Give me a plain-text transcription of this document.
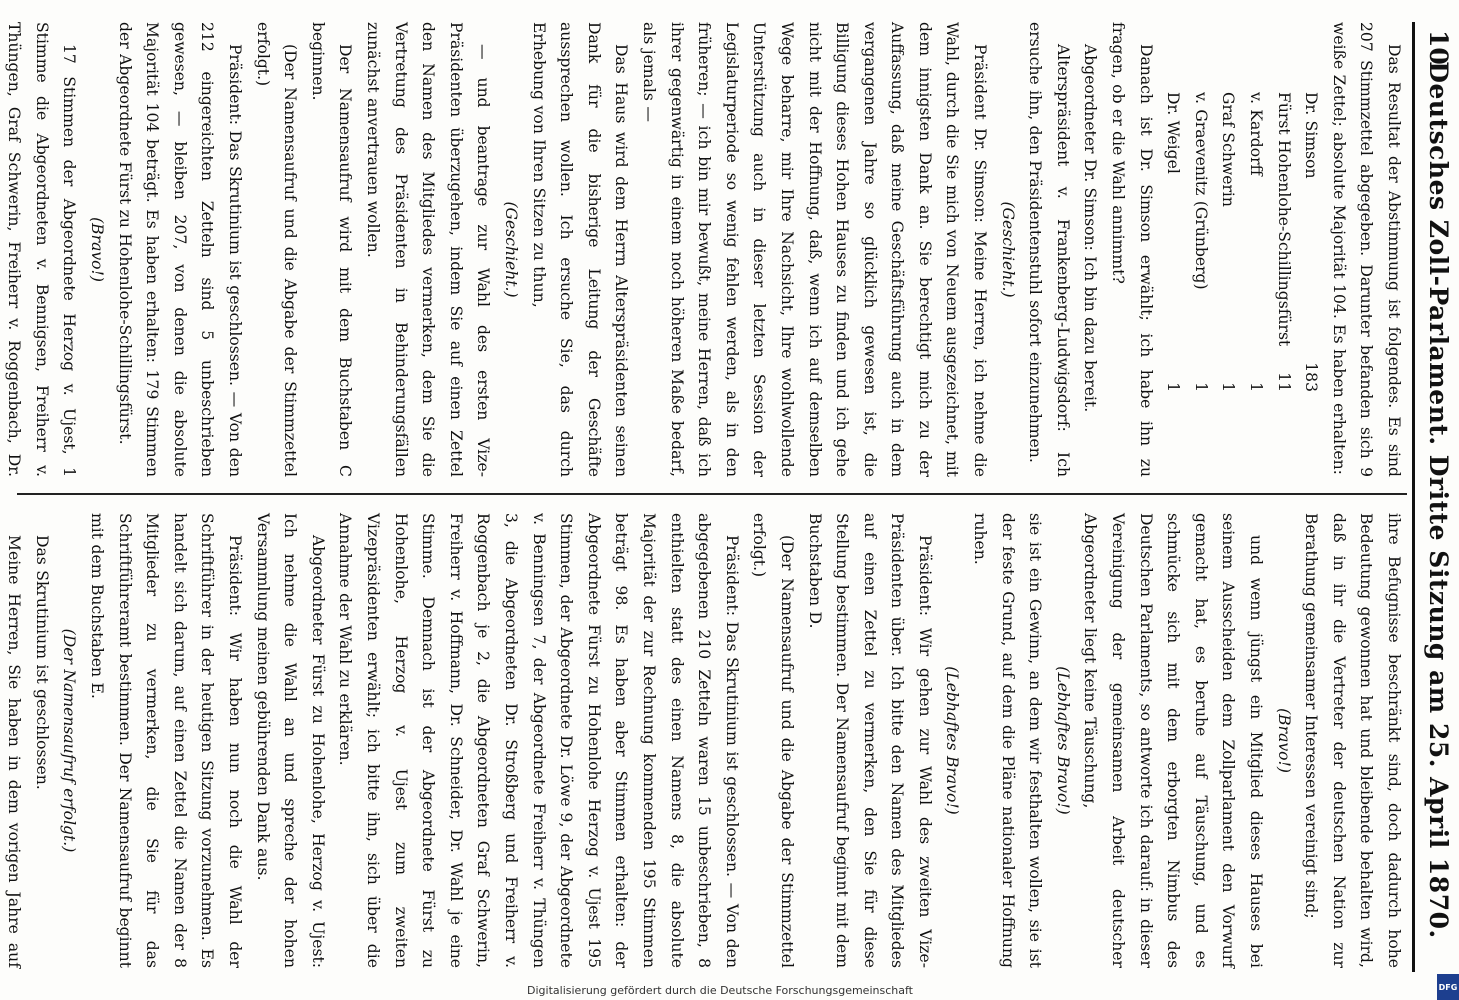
10
Deutsches Zoll-Parlament. Dritte Sitzung am 25. April 1870.

Das Resultat der Abstimmung ist folgendes. Es sind 207 Stimmzettel abgegeben. Darunter befanden sich 9 weiße Zettel; absolute Majorität 104. Es haben erhalten:

Dr. Simson
183
Fürst Hohenlohe-Schillingsfürst
11
v. Kardorff
1
Graf Schwerin
1
v. Graevenitz (Grünberg)
1
Dr. Weigel
1

Danach ist Dr. Simson erwählt; ich habe ihn zu fragen, ob er die Wahl annimmt?

Abgeordneter Dr. Simson: Ich bin dazu bereit.

Alterspräsident v. Frankenberg-Ludwigsdorf: Ich ersuche ihn, den Präsidentenstuhl sofort einzunehmen.

(Geschieht.)

Präsident Dr. Simson: Meine Herren, ich nehme die Wahl, durch die Sie mich von Neuem ausgezeichnet, mit dem innigsten Dank an. Sie berechtigt mich zu der Auffassung, daß meine Geschäftsführung auch in dem vergangenen Jahre so glücklich gewesen ist, die Billigung dieses Hohen Hauses zu finden und ich gehe nicht mit der Hoffnung, daß, wenn ich auf demselben Wege beharre, mir Ihre Nachsicht, Ihre wohlwollende Unterstützung auch in dieser letzten Session der Legislaturperiode so wenig fehlen werden, als in den früheren; — ich bin mir bewußt, meine Herren, daß ich ihrer gegenwärtig in einem noch höheren Maße bedarf, als jemals —

Das Haus wird dem Herrn Alterspräsidenten seinen Dank für die bisherige Leitung der Geschäfte aussprechen wollen. Ich ersuche Sie, das durch Erhebung von Ihren Sitzen zu thun,

(Geschieht.)

— und beantrage zur Wahl des ersten Vize-Präsidenten überzugehen, indem Sie auf einen Zettel den Namen des Mitgliedes vermerken, dem Sie die Vertretung des Präsidenten in Behinderungsfällen zunächst anvertrauen wollen.

Der Namensaufruf wird mit dem Buchstaben C beginnen.

(Der Namensaufruf und die Abgabe der Stimmzettel erfolgt.)

Präsident: Das Skrutinium ist geschlossen. — Von den 212 eingereichten Zetteln sind 5 unbeschrieben gewesen, — bleiben 207, von denen die absolute Majorität 104 beträgt. Es haben erhalten: 179 Stimmen der Abgeordnete Fürst zu Hohenlohe-Schillingsfürst.

(Bravo!)

17 Stimmen der Abgeordnete Herzog v. Ujest, 1 Stimme die Abgeordneten v. Bennigsen, Freiherr v. Thüngen, Graf Schwerin, Freiherr v. Roggenbach, Dr.

ihre Befugnisse beschränkt sind, doch dadurch hohe Bedeutung gewonnen hat und bleibende behalten wird, daß in ihr die Vertreter der deutschen Nation zur Berathung gemeinsamer Interessen vereinigt sind;

(Bravo!)

und wenn jüngst ein Mitglied dieses Hauses bei seinem Ausscheiden dem Zollparlament den Vorwurf gemacht hat, es beruhe auf Täuschung, und es schmücke sich mit dem erborgten Nimbus des Deutschen Parlaments, so antworte ich darauf: in dieser Vereinigung der gemeinsamen Arbeit deutscher Abgeordneter liegt keine Täuschung,

(Lebhaftes Bravo!)

sie ist ein Gewinn, an dem wir festhalten wollen, sie ist der feste Grund, auf dem die Pläne nationaler Hoffnung ruhen.

(Lebhaftes Bravo!)

Präsident: Wir gehen zur Wahl des zweiten Vize-Präsidenten über. Ich bitte den Namen des Mitgliedes auf einen Zettel zu vermerken, den Sie für diese Stellung bestimmen. Der Namensaufruf beginnt mit dem Buchstaben D.

(Der Namensaufruf und die Abgabe der Stimmzettel erfolgt.)

Präsident: Das Skrutinium ist geschlossen. — Von den abgegebenen 210 Zetteln waren 15 unbeschrieben, 8 enthielten statt des einen Namens 8, die absolute Majorität der zur Rechnung kommenden 195 Stimmen beträgt 98. Es haben aber Stimmen erhalten: der Abgeordnete Fürst zu Hohenlohe Herzog v. Ujest 195 Stimmen, der Abgeordnete Dr. Löwe 9, der Abgeordnete v. Benningsen 7, der Abgeordnete Freiherr v. Thüngen 3, die Abgeordneten Dr. Stroßberg und Freiherr v. Roggenbach je 2, die Abgeordneten Graf Schwerin, Freiherr v. Hoffmann, Dr. Schneider, Dr. Wahl je eine Stimme. Demnach ist der Abgeordnete Fürst zu Hohenlohe, Herzog v. Ujest zum zweiten Vizepräsidenten erwählt; ich bitte ihn, sich über die Annahme der Wahl zu erklären.

Abgeordneter Fürst zu Hohenlohe, Herzog v. Ujest: Ich nehme die Wahl an und spreche der hohen Versammlung meinen gebührenden Dank aus.

Präsident: Wir haben nun noch die Wahl der Schriftführer in der heutigen Sitzung vorzunehmen. Es handelt sich darum, auf einen Zettel die Namen der 8 Mitglieder zu vermerken, die Sie für das Schriftführeramt bestimmen. Der Namensaufruf beginnt mit dem Buchstaben E.

(Der Namensaufruf erfolgt.)

Das Skrutinium ist geschlossen.

Meine Herren, Sie haben in dem vorigen Jahre auf

Digitalisierung gefördert durch die Deutsche Forschungsgemeinschaft	DFG
